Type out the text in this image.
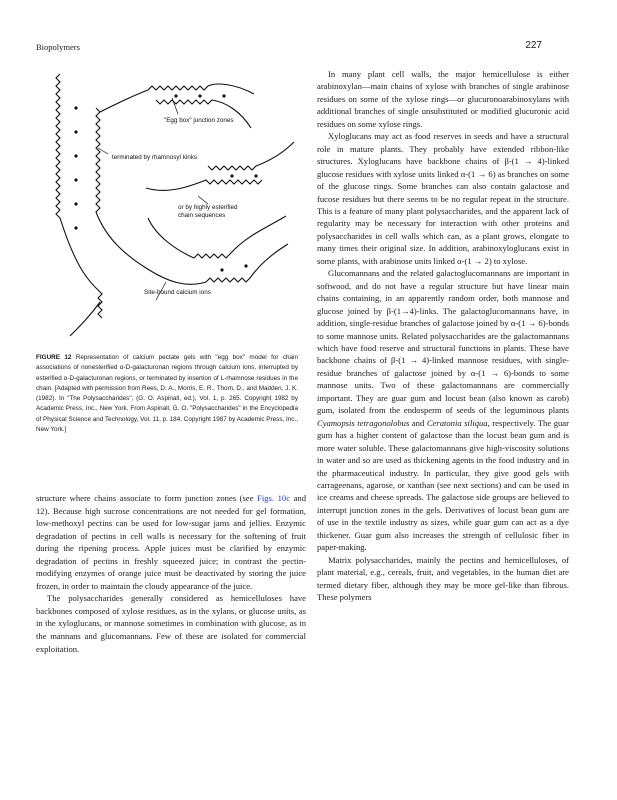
Biopolymers	227
"Egg box" junction zones
terminated by rhamnosyl kinks
or by highly esterified
chain sequences
Site-bound calcium ions
FIGURE 12 Representation of calcium pectate gels with "egg box" model for chain associations of nonesterified α-D-galacturonan regions through calcium ions, interrupted by esterified α-D-galacturonan regions, or terminated by insertion of L-rhamnose residues in the chain. [Adapted with permission from Rees, D. A., Morris, E. R., Thom, D., and Madden, J. K. (1982). In "The Polysaccharides", (G. O. Aspinall, ed.), Vol. 1, p. 265. Copyright 1982 by Academic Press, Inc., New York. From Aspinall, G. O. "Polysaccharides" in the Encyclopedia of Physical Science and Technology, Vol. 11, p. 184. Copyright 1987 by Academic Press, Inc., New York.]

structure where chains associate to form junction zones (see Figs. 10c and 12). Because high sucrose concentrations are not needed for gel formation, low-methoxyl pectins can be used for low-sugar jams and jellies. Enzymic degradation of pectins in cell walls is necessary for the softening of fruit during the ripening process. Apple juices must be clarified by enzymic degradation of pectins in freshly squeezed juice; in contrast the pectin-modifying enzymes of orange juice must be deactivated by storing the juice frozen, in order to maintain the cloudy appearance of the juice.

The polysaccharides generally considered as hemicelluloses have backbones composed of xylose residues, as in the xylans, or glucose units, as in the xyloglucans, or mannose sometimes in combination with glucose, as in the mannans and glucomannans. Few of these are isolated for commercial exploitation.

In many plant cell walls, the major hemicellulose is either arabinoxylan—main chains of xylose with branches of single arabinose residues on some of the xylose rings—or glucuronoarabinoxylans with additional branches of single unsubstituted or modified glucuronic acid residues on some xylose rings.

Xyloglucans may act as food reserves in seeds and have a structural role in mature plants. They probably have extended ribbon-like structures. Xyloglucans have backbone chains of β-(1 → 4)-linked glucose residues with xylose units linked α-(1 → 6) as branches on some of the glucose rings. Some branches can also contain galactose and fucose residues but there seems to be no regular repeat in the structure. This is a feature of many plant polysaccharides, and the apparent lack of regularity may be necessary for interaction with other proteins and polysaccharides in cell walls which can, as a plant grows, elongate to many times their original size. In addition, arabinoxyloglucans exist in some plants, with arabinose units linked α-(1 → 2) to xylose.

Glucomannans and the related galactoglucomannans are important in softwood, and do not have a regular structure but have linear main chains containing, in an apparently random order, both mannose and glucose joined by β-(1→4)-links. The galactoglucomannans have, in addition, single-residue branches of galactose joined by α-(1 → 6)-bonds to some mannose units. Related polysaccharides are the galactomannans which have food reserve and structural functions in plants. These have backbone chains of β-(1 → 4)-linked mannose residues, with single-residue branches of galactose joined by α-(1 → 6)-bonds to some mannose units. Two of these galactomannans are commercially important. They are guar gum and locust bean (also known as carob) gum, isolated from the endosperm of seeds of the leguminous plants Cyamopsis tetragonolobus and Ceratonia siliqua, respectively. The guar gum has a higher content of galactose than the locust bean gum and is more water soluble. These galactomannans give high-viscosity solutions in water and so are used as thickening agents in the food industry and in the pharmaceutical industry. In particular, they give good gels with carrageenans, agarose, or xanthan (see next sections) and can be used in ice creams and cheese spreads. The galactose side groups are believed to interrupt junction zones in the gels. Derivatives of locust bean gum are of use in the textile industry as sizes, while guar gum can act as a dye thickener. Guar gum also increases the strength of cellulosic fiber in paper-making.

Matrix polysaccharides, mainly the pectins and hemicelluloses, of plant material, e.g., cereals, fruit, and vegetables, in the human diet are termed dietary fiber, although they may be more gel-like than fibrous. These polymers
